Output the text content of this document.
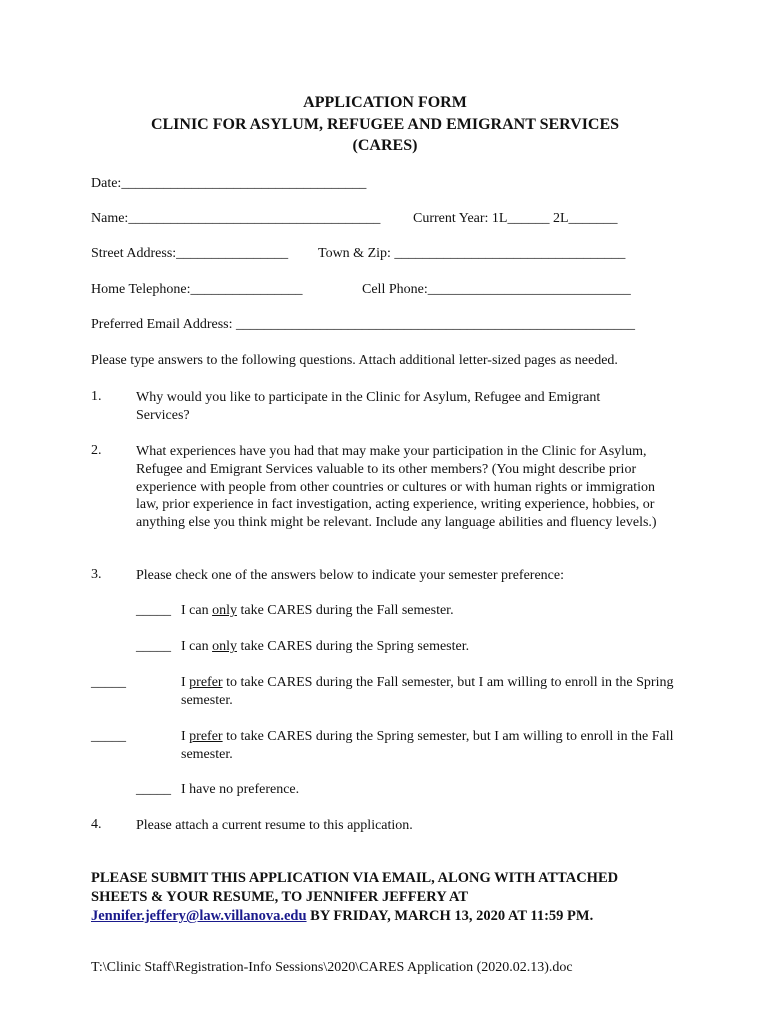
APPLICATION FORM
CLINIC FOR ASYLUM, REFUGEE AND EMIGRANT SERVICES
(CARES)
Date:___________________________________
Name:____________________________________ Current Year: 1L______ 2L_______
Street Address:________________ Town & Zip: _________________________________
Home Telephone:________________	Cell Phone:_____________________________
Preferred Email Address: _________________________________________________________
Please type answers to the following questions. Attach additional letter-sized pages as needed.
1. Why would you like to participate in the Clinic for Asylum, Refugee and Emigrant Services?
2. What experiences have you had that may make your participation in the Clinic for Asylum, Refugee and Emigrant Services valuable to its other members? (You might describe prior experience with people from other countries or cultures or with human rights or immigration law, prior experience in fact investigation, acting experience, writing experience, hobbies, or anything else you think might be relevant. Include any language abilities and fluency levels.)
3. Please check one of the answers below to indicate your semester preference:
_____ I can only take CARES during the Fall semester.
_____ I can only take CARES during the Spring semester.
_____	I prefer to take CARES during the Fall semester, but I am willing to enroll in the Spring semester.
_____	I prefer to take CARES during the Spring semester, but I am willing to enroll in the Fall semester.
_____ I have no preference.
4. Please attach a current resume to this application.
PLEASE SUBMIT THIS APPLICATION VIA EMAIL, ALONG WITH ATTACHED SHEETS & YOUR RESUME, TO JENNIFER JEFFERY AT
Jennifer.jeffery@law.villanova.edu BY FRIDAY, MARCH 13, 2020 AT 11:59 PM.
T:\Clinic Staff\Registration-Info Sessions\2020\CARES Application (2020.02.13).doc
